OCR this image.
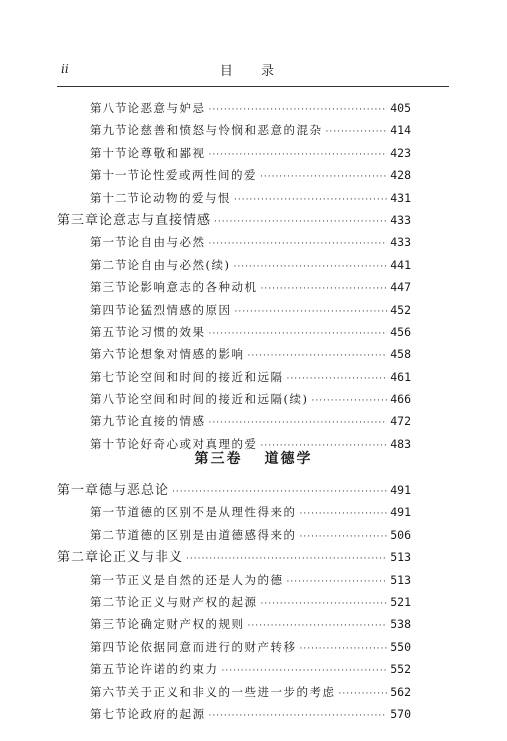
ii	目 录
第八节 论恶意与妒忌 ·····	405
第九节 论慈善和愤怒与怜悯和恶意的混杂 ·····	414
第十节 论尊敬和鄙视 ·····	423
第十一节 论性爱或两性间的爱 ·····	428
第十二节 论动物的爱与恨 ·····	431
第三章 论意志与直接情感 ·····	433
第一节 论自由与必然 ·····	433
第二节 论自由与必然(续) ·····	441
第三节 论影响意志的各种动机 ·····	447
第四节 论猛烈情感的原因 ·····	452
第五节 论习惯的效果 ·····	456
第六节 论想象对情感的影响 ·····	458
第七节 论空间和时间的接近和远隔 ·····	461
第八节 论空间和时间的接近和远隔(续) ·····	466
第九节 论直接的情感 ·····	472
第十节 论好奇心或对真理的爱 ·····	483
第三卷 道德学
第一章 德与恶总论 ·····	491
第一节 道德的区别不是从理性得来的 ·····	491
第二节 道德的区别是由道德感得来的 ·····	506
第二章 论正义与非义 ·····	513
第一节 正义是自然的还是人为的德 ·····	513
第二节 论正义与财产权的起源 ·····	521
第三节 论确定财产权的规则 ·····	538
第四节 论依据同意而进行的财产转移 ·····	550
第五节 论许诺的约束力 ·····	552
第六节 关于正义和非义的一些进一步的考虑 ·····	562
第七节 论政府的起源 ·····	570
